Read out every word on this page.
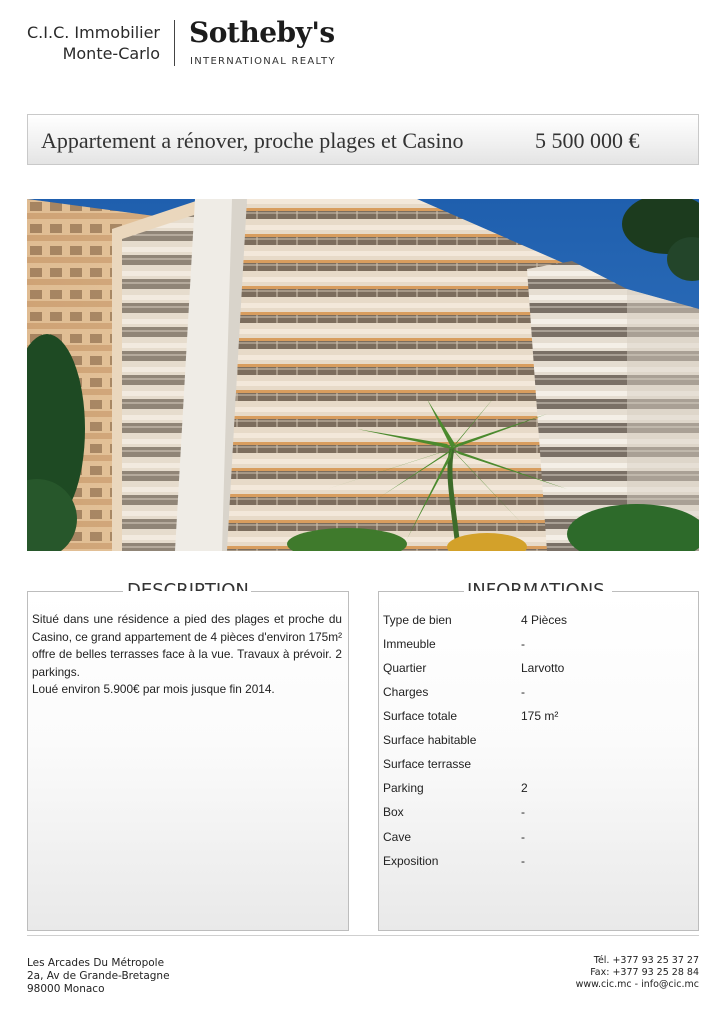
C.I.C. Immobilier
Monte-Carlo
Sotheby's
INTERNATIONAL REALTY
Appartement a rénover, proche plages et Casino	5 500 000 €
Situé dans une résidence a pied des plages et proche du Casino, ce grand appartement de 4 pièces d'environ 175m² offre de belles terrasses face à la vue. Travaux à prévoir. 2 parkings.
Loué environ 5.900€ par mois jusque fin 2014.
Type de bien	4 Pièces
Immeuble	-
Quartier	Larvotto
Charges	-
Surface totale	175 m²
Surface habitable
Surface terrasse
Parking	2
Box	-
Cave	-
Exposition	-
Les Arcades Du Métropole
2a, Av de Grande-Bretagne
98000 Monaco
Tél. +377 93 25 37 27
Fax: +377 93 25 28 84
www.cic.mc - info@cic.mc
